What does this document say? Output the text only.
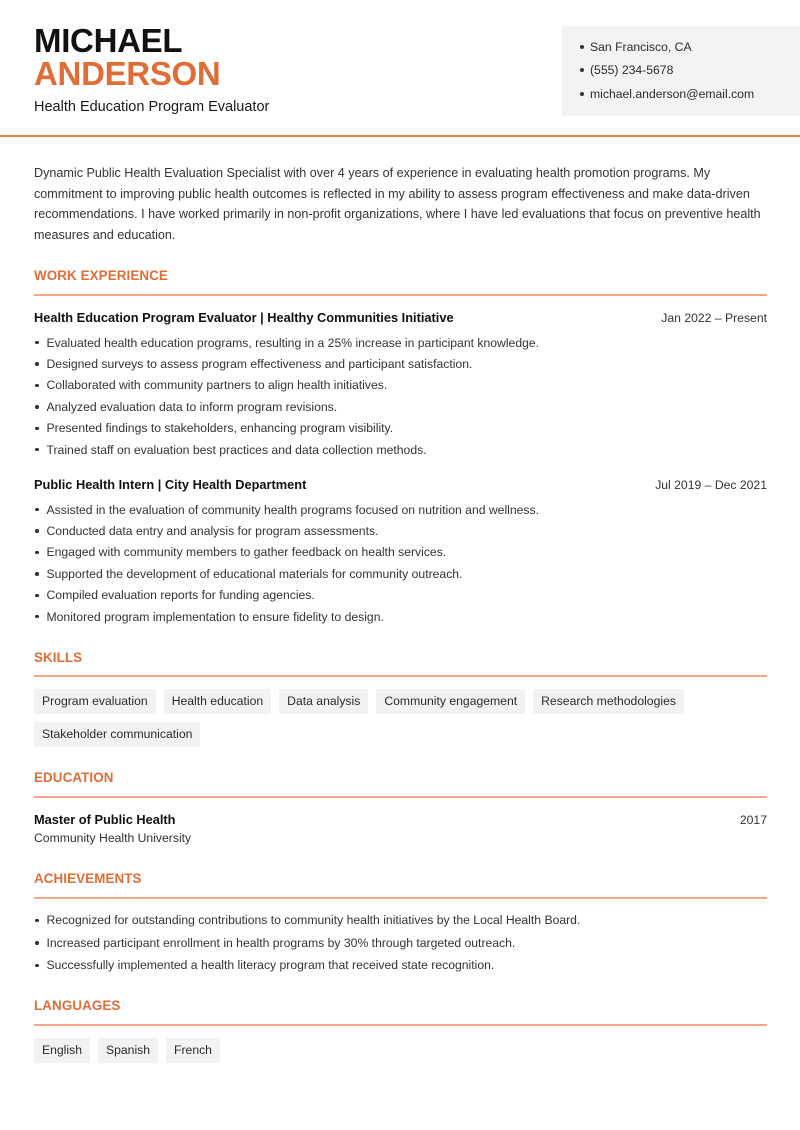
MICHAEL
ANDERSON
Health Education Program Evaluator
San Francisco, CA
(555) 234-5678
michael.anderson@email.com

Dynamic Public Health Evaluation Specialist with over 4 years of experience in evaluating health promotion programs. My commitment to improving public health outcomes is reflected in my ability to assess program effectiveness and make data-driven recommendations. I have worked primarily in non-profit organizations, where I have led evaluations that focus on preventive health measures and education.

WORK EXPERIENCE
Health Education Program Evaluator | Healthy Communities Initiative	Jan 2022 – Present
Evaluated health education programs, resulting in a 25% increase in participant knowledge.
Designed surveys to assess program effectiveness and participant satisfaction.
Collaborated with community partners to align health initiatives.
Analyzed evaluation data to inform program revisions.
Presented findings to stakeholders, enhancing program visibility.
Trained staff on evaluation best practices and data collection methods.
Public Health Intern | City Health Department	Jul 2019 – Dec 2021
Assisted in the evaluation of community health programs focused on nutrition and wellness.
Conducted data entry and analysis for program assessments.
Engaged with community members to gather feedback on health services.
Supported the development of educational materials for community outreach.
Compiled evaluation reports for funding agencies.
Monitored program implementation to ensure fidelity to design.
SKILLS
Program evaluation	Health education	Data analysis	Community engagement	Research methodologies
Stakeholder communication
EDUCATION
Master of Public Health	2017
Community Health University
ACHIEVEMENTS
Recognized for outstanding contributions to community health initiatives by the Local Health Board.
Increased participant enrollment in health programs by 30% through targeted outreach.
Successfully implemented a health literacy program that received state recognition.
LANGUAGES
English	Spanish	French
